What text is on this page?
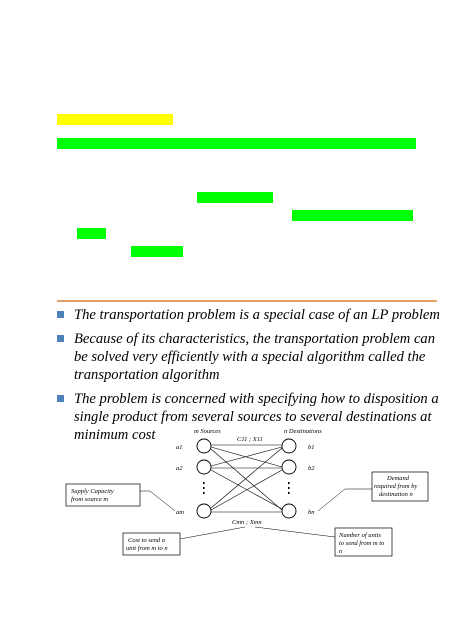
The transportation problem is a special case of an LP problem
Because of its characteristics, the transportation problem can be solved very efficiently with a special algorithm called the transportation algorithm
The problem is concerned with specifying how to disposition a single product from several sources to several destinations at minimum cost	m Sources	n Destinations
C11 ; X11
a1
a2
am
b1
b2
bn
Cmn ; Xmn
Supply Capacity
from source m
Demand
required from by
destination n
Cost to send a
unit from m to n
Number of units
to send from m to
n
